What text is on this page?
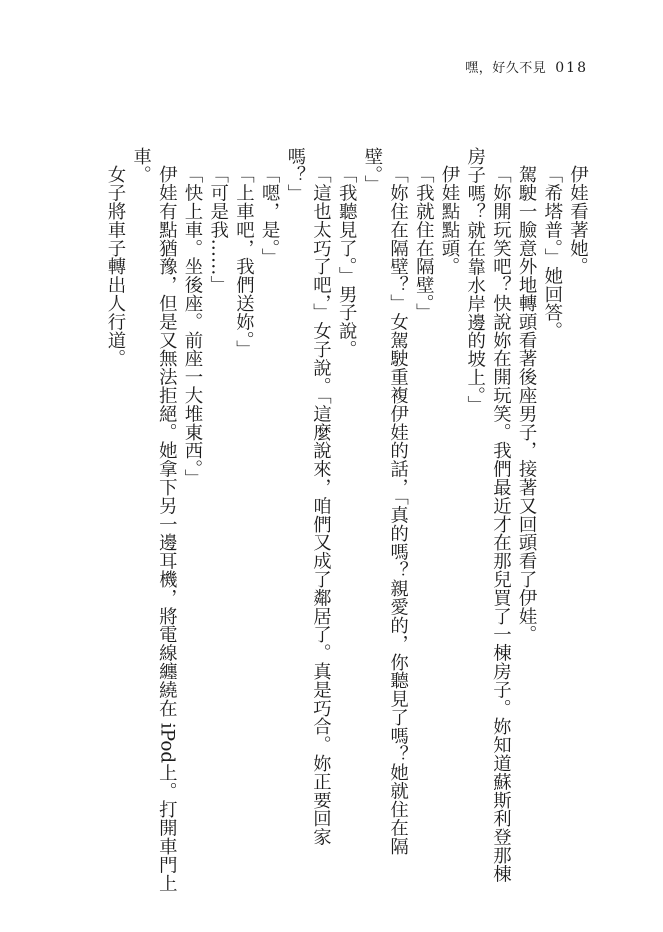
嘿，好久不見 018
伊娃看著她。
「希塔普。」她回答。
駕駛一臉意外地轉頭看著後座男子，接著又回頭看了伊娃。
「妳開玩笑吧？快說妳在開玩笑。我們最近才在那兒買了一棟房子。妳知道蘇斯利登那棟
房子嗎？就在靠水岸邊的坡上。」
伊娃點點頭。
「我就住在隔壁。」
「妳住在隔壁？」女駕駛重複伊娃的話，「真的嗎？親愛的，你聽見了嗎？她就住在隔
壁。」
「我聽見了。」男子說。
「這也太巧了吧，」女子說。「這麼說來，咱們又成了鄰居了。真是巧合。妳正要回家
嗎？」
「嗯，是。」
「上車吧，我們送妳。」
「可是我……」
「快上車。坐後座。前座一大堆東西。」
伊娃有點猶豫，但是又無法拒絕。她拿下另一邊耳機，將電線纏繞在 iPod上。打開車門上
車。
女子將車子轉出人行道。
